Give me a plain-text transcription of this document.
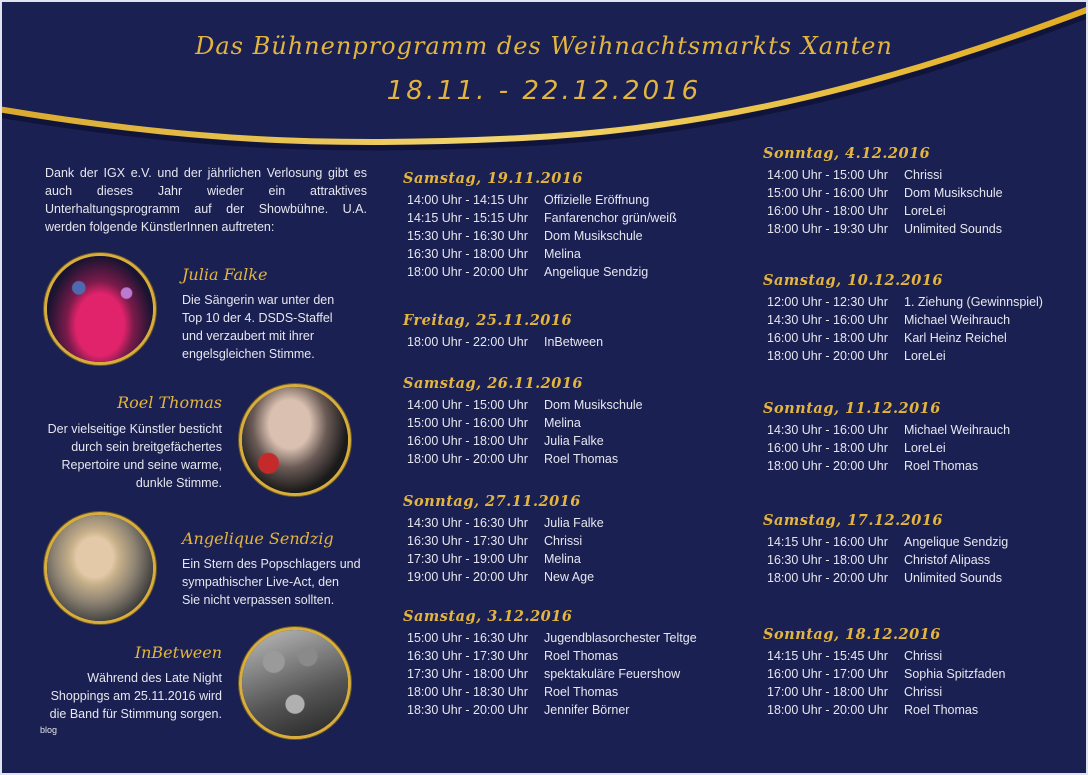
Das Bühnenprogramm des Weihnachtsmarkts Xanten
18.11. - 22.12.2016
Dank der IGX e.V. und der jährlichen Verlosung gibt es auch dieses Jahr wieder ein attraktives Unterhaltungsprogramm auf der Showbühne. U.A. werden folgende KünstlerInnen auftreten:
Julia Falke
Die Sängerin war unter den
Top 10 der 4. DSDS-Staffel
und verzaubert mit ihrer
engelsgleichen Stimme.
Roel Thomas
Der vielseitige Künstler besticht
durch sein breitgefächertes
Repertoire und seine warme,
dunkle Stimme.
Angelique Sendzig
Ein Stern des Popschlagers und
sympathischer Live-Act, den
Sie nicht verpassen sollten.
InBetween
Während des Late Night
Shoppings am 25.11.2016 wird
die Band für Stimmung sorgen.
blog
Samstag, 19.11.2016
14:00 Uhr - 14:15 Uhr	Offizielle Eröffnung
14:15 Uhr - 15:15 Uhr	Fanfarenchor grün/weiß
15:30 Uhr - 16:30 Uhr	Dom Musikschule
16:30 Uhr - 18:00 Uhr	Melina
18:00 Uhr - 20:00 Uhr	Angelique Sendzig
Freitag, 25.11.2016
18:00 Uhr - 22:00 Uhr	InBetween
Samstag, 26.11.2016
14:00 Uhr - 15:00 Uhr	Dom Musikschule
15:00 Uhr - 16:00 Uhr	Melina
16:00 Uhr - 18:00 Uhr	Julia Falke
18:00 Uhr - 20:00 Uhr	Roel Thomas
Sonntag, 27.11.2016
14:30 Uhr - 16:30 Uhr	Julia Falke
16:30 Uhr - 17:30 Uhr	Chrissi
17:30 Uhr - 19:00 Uhr	Melina
19:00 Uhr - 20:00 Uhr	New Age
Samstag, 3.12.2016
15:00 Uhr - 16:30 Uhr	Jugendblasorchester Teltge
16:30 Uhr - 17:30 Uhr	Roel Thomas
17:30 Uhr - 18:00 Uhr	spektakuläre Feuershow
18:00 Uhr - 18:30 Uhr	Roel Thomas
18:30 Uhr - 20:00 Uhr	Jennifer Börner
Sonntag, 4.12.2016
14:00 Uhr - 15:00 Uhr	Chrissi
15:00 Uhr - 16:00 Uhr	Dom Musikschule
16:00 Uhr - 18:00 Uhr	LoreLei
18:00 Uhr - 19:30 Uhr	Unlimited Sounds
Samstag, 10.12.2016
12:00 Uhr - 12:30 Uhr	1. Ziehung (Gewinnspiel)
14:30 Uhr - 16:00 Uhr	Michael Weihrauch
16:00 Uhr - 18:00 Uhr	Karl Heinz Reichel
18:00 Uhr - 20:00 Uhr	LoreLei
Sonntag, 11.12.2016
14:30 Uhr - 16:00 Uhr	Michael Weihrauch
16:00 Uhr - 18:00 Uhr	LoreLei
18:00 Uhr - 20:00 Uhr	Roel Thomas
Samstag, 17.12.2016
14:15 Uhr - 16:00 Uhr	Angelique Sendzig
16:30 Uhr - 18:00 Uhr	Christof Alipass
18:00 Uhr - 20:00 Uhr	Unlimited Sounds
Sonntag, 18.12.2016
14:15 Uhr - 15:45 Uhr	Chrissi
16:00 Uhr - 17:00 Uhr	Sophia Spitzfaden
17:00 Uhr - 18:00 Uhr	Chrissi
18:00 Uhr - 20:00 Uhr	Roel Thomas
